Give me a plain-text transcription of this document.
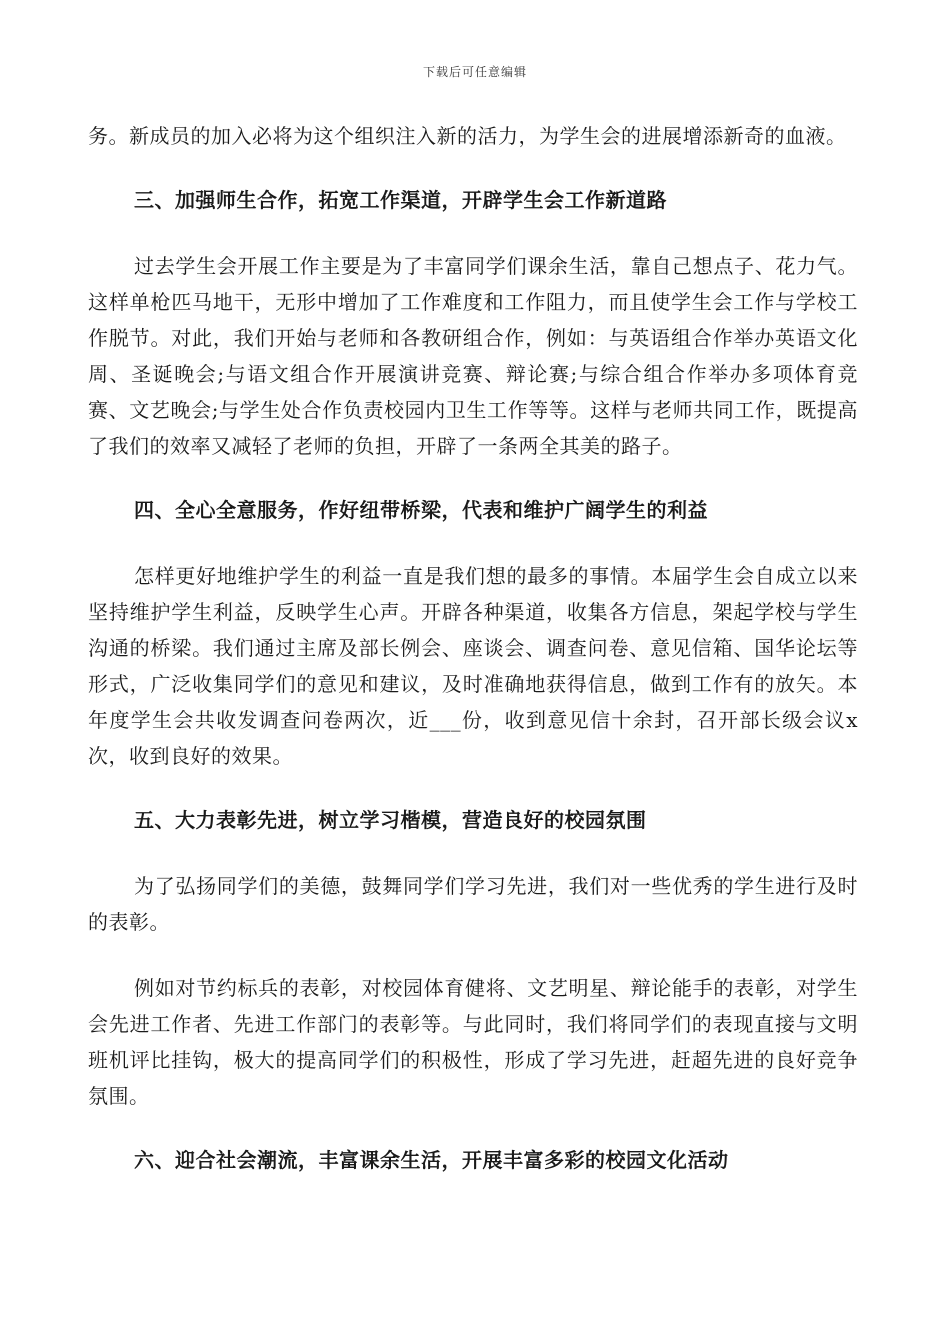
下载后可任意编辑

务。新成员的加入必将为这个组织注入新的活力，为学生会的进展增添新奇的血液。

三、加强师生合作，拓宽工作渠道，开辟学生会工作新道路

过去学生会开展工作主要是为了丰富同学们课余生活，靠自己想点子、花力气。这样单枪匹马地干，无形中增加了工作难度和工作阻力，而且使学生会工作与学校工作脱节。对此，我们开始与老师和各教研组合作，例如：与英语组合作举办英语文化周、圣诞晚会;与语文组合作开展演讲竞赛、辩论赛;与综合组合作举办多项体育竞赛、文艺晚会;与学生处合作负责校园内卫生工作等等。这样与老师共同工作，既提高了我们的效率又减轻了老师的负担，开辟了一条两全其美的路子。

四、全心全意服务，作好纽带桥梁，代表和维护广阔学生的利益

怎样更好地维护学生的利益一直是我们想的最多的事情。本届学生会自成立以来坚持维护学生利益，反映学生心声。开辟各种渠道，收集各方信息，架起学校与学生沟通的桥梁。我们通过主席及部长例会、座谈会、调查问卷、意见信箱、国华论坛等形式，广泛收集同学们的意见和建议，及时准确地获得信息，做到工作有的放矢。本年度学生会共收发调查问卷两次，近___份，收到意见信十余封，召开部长级会议x次，收到良好的效果。

五、大力表彰先进，树立学习楷模，营造良好的校园氛围

为了弘扬同学们的美德，鼓舞同学们学习先进，我们对一些优秀的学生进行及时的表彰。

例如对节约标兵的表彰，对校园体育健将、文艺明星、辩论能手的表彰，对学生会先进工作者、先进工作部门的表彰等。与此同时，我们将同学们的表现直接与文明班机评比挂钩，极大的提高同学们的积极性，形成了学习先进，赶超先进的良好竞争氛围。

六、迎合社会潮流，丰富课余生活，开展丰富多彩的校园文化活动
